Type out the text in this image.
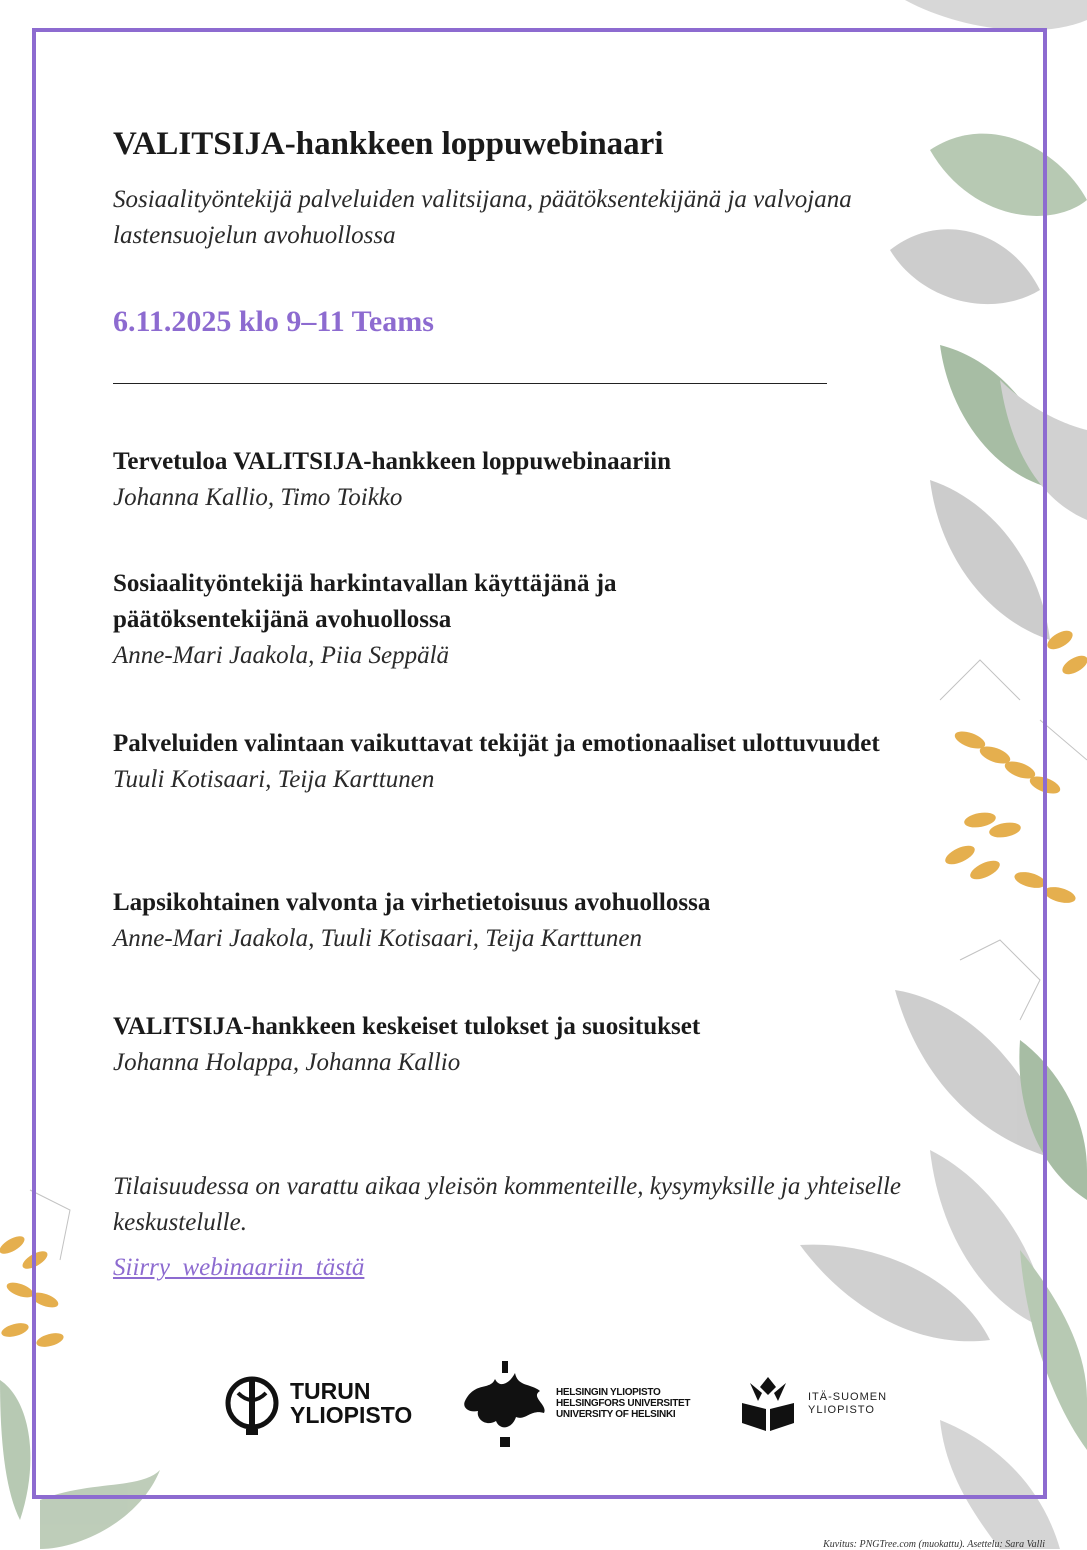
VALITSIJA-hankkeen loppuwebinaari

Sosiaalityöntekijä palveluiden valitsijana, päätöksentekijänä ja valvojana lastensuojelun avohuollossa

6.11.2025 klo 9–11 Teams

Tervetuloa VALITSIJA-hankkeen loppuwebinaariin

Johanna Kallio, Timo Toikko

Sosiaalityöntekijä harkintavallan käyttäjänä ja päätöksentekijänä avohuollossa

Anne-Mari Jaakola, Piia Seppälä

Palveluiden valintaan vaikuttavat tekijät ja emotionaaliset ulottuvuudet

Tuuli Kotisaari, Teija Karttunen

Lapsikohtainen valvonta ja virhetietoisuus avohuollossa

Anne-Mari Jaakola, Tuuli Kotisaari, Teija Karttunen

VALITSIJA-hankkeen keskeiset tulokset ja suositukset

Johanna Holappa, Johanna Kallio

Tilaisuudessa on varattu aikaa yleisön kommenteille, kysymyksille ja yhteiselle keskustelulle.

Siirry_webinaariin_tästä
TURUN
YLIOPISTO
HELSINGIN YLIOPISTO
HELSINGFORS UNIVERSITET
UNIVERSITY OF HELSINKI
ITÄ-SUOMEN
YLIOPISTO
Kuvitus: PNGTree.com (muokattu). Asettelu: Sara Valli
